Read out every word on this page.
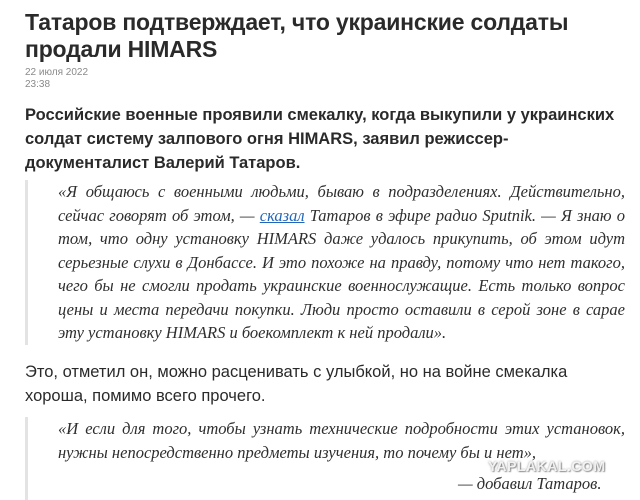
Татаров подтверждает, что украинские солдаты продали HIMARS
22 июля 2022
23:38

Российские военные проявили смекалку, когда выкупили у украинских солдат систему залпового огня HIMARS, заявил режиссер-документалист Валерий Татаров.

«Я общаюсь с военными людьми, бываю в подразделениях. Действительно, сейчас говорят об этом, — сказал Татаров в эфире радио Sputnik. — Я знаю о том, что одну установку HIMARS даже удалось прикупить, об этом идут серьезные слухи в Донбассе. И это похоже на правду, потому что нет такого, чего бы не смогли продать украинские военнослужащие. Есть только вопрос цены и места передачи покупки. Люди просто оставили в серой зоне в сарае эту установку HIMARS и боекомплект к ней продали».

Это, отметил он, можно расценивать с улыбкой, но на войне смекалка хороша, помимо всего прочего.

«И если для того, чтобы узнать технические подробности этих установок, нужны непосредственно предметы изучения, то почему бы и нет»,

— добавил Татаров.

YAPLAKAL.COM
